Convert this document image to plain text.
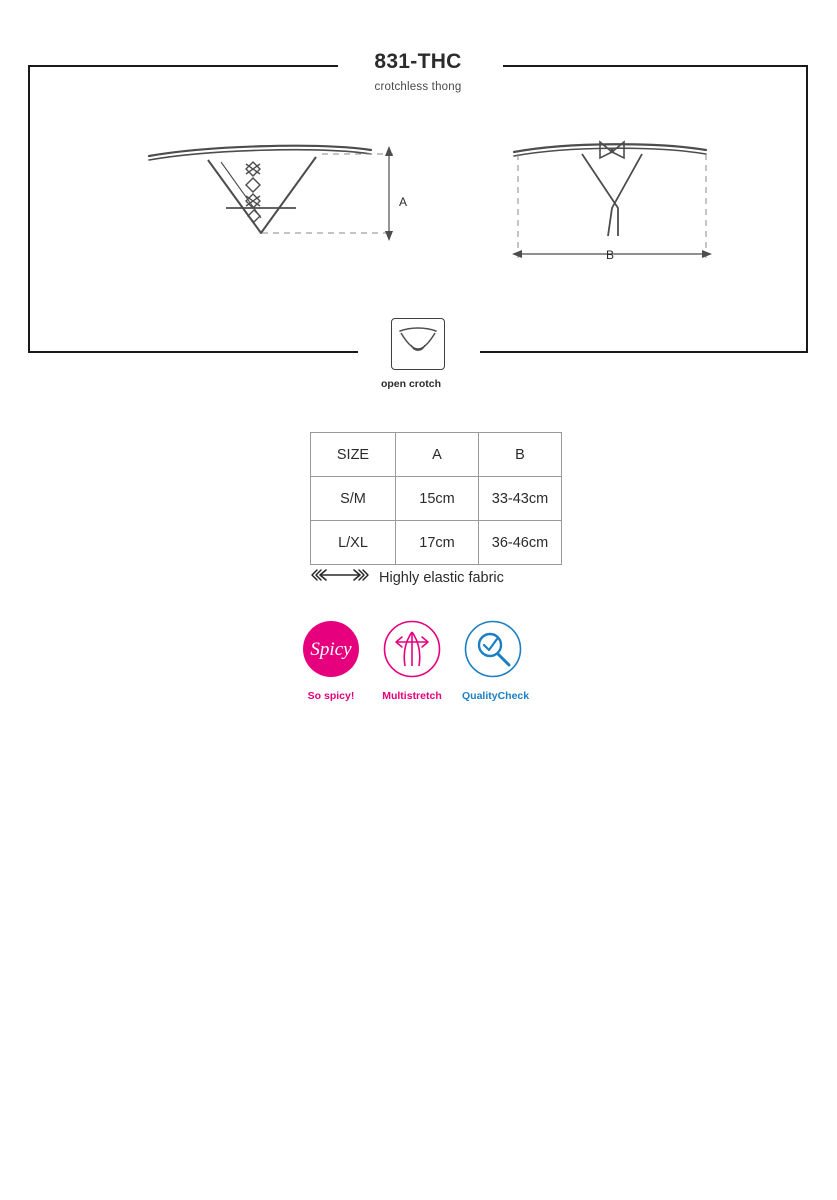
831-THC
crotchless thong
A
B
open crotch
SIZE	A	B
S/M	15cm	33-43cm
L/XL	17cm	36-46cm
Highly elastic fabric
Spicy
So spicy!	Multistretch QualityCheck
